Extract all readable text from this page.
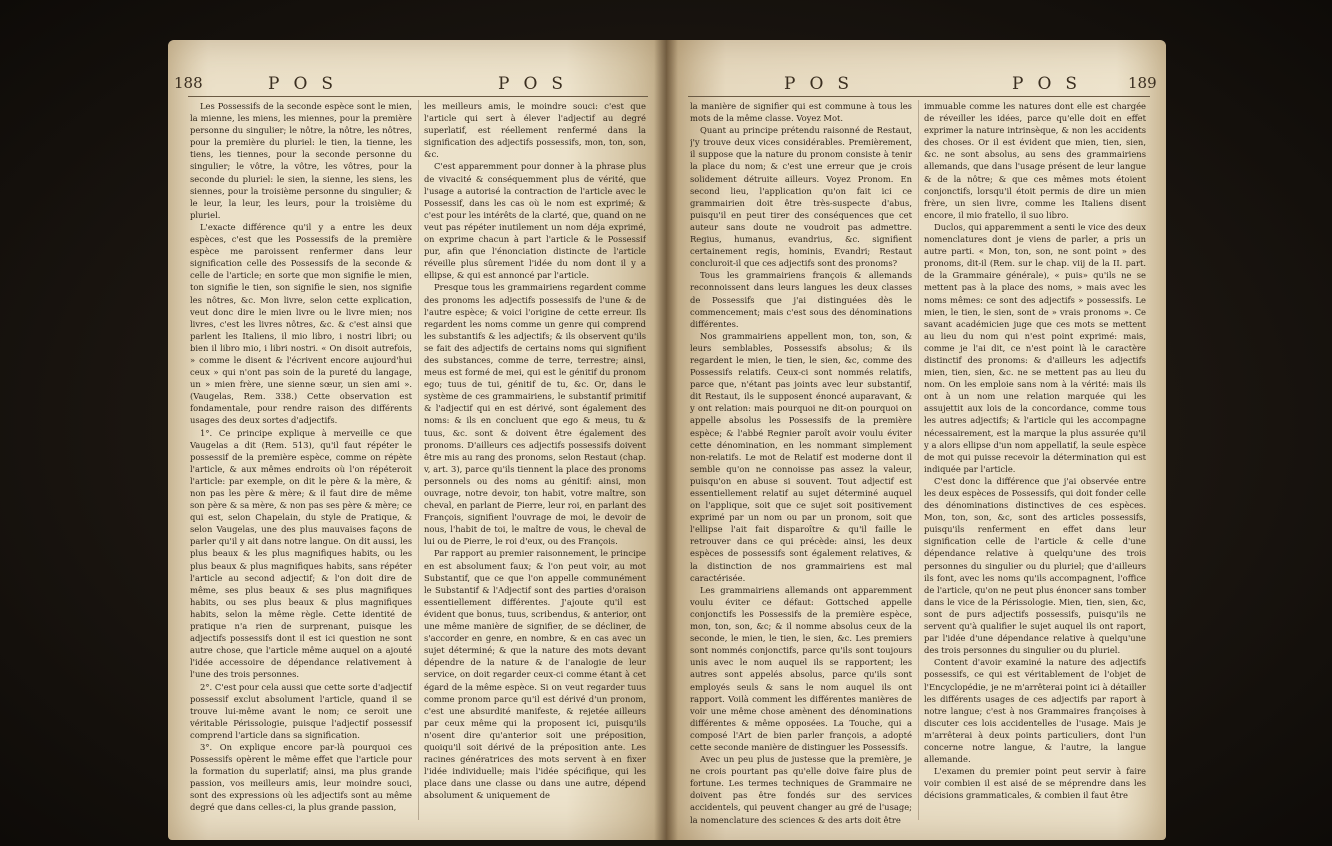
188	POS	POS

Les Possessifs de la seconde espèce sont le mien, la mienne, les miens, les miennes, pour la première personne du singulier; le nôtre, la nôtre, les nôtres, pour la première du pluriel: le tien, la tienne, les tiens, les tiennes, pour la seconde personne du singulier; le vôtre, la vôtre, les vôtres, pour la seconde du pluriel: le sien, la sienne, les siens, les siennes, pour la troisième personne du singulier; & le leur, la leur, les leurs, pour la troisième du pluriel.

L'exacte différence qu'il y a entre les deux espèces, c'est que les Possessifs de la première espèce me paroissent renfermer dans leur signification celle des Possessifs de la seconde & celle de l'article; en sorte que mon signifie le mien, ton signifie le tien, son signifie le sien, nos signifie les nôtres, &c. Mon livre, selon cette explication, veut donc dire le mien livre ou le livre mien; nos livres, c'est les livres nôtres, &c. & c'est ainsi que parlent les Italiens, il mio libro, i nostri libri; ou bien il libro mio, i libri nostri. « On disoit autrefois, » comme le disent & l'écrivent encore aujourd'hui ceux » qui n'ont pas soin de la pureté du langage, un » mien frère, une sienne sœur, un sien ami ». (Vaugelas, Rem. 338.) Cette observation est fondamentale, pour rendre raison des différents usages des deux sortes d'adjectifs.

1°. Ce principe explique à merveille ce que Vaugelas a dit (Rem. 513), qu'il faut répéter le possessif de la première espèce, comme on répète l'article, & aux mêmes endroits où l'on répéteroit l'article: par exemple, on dit le père & la mère, & non pas les père & mère; & il faut dire de même son père & sa mère, & non pas ses père & mère; ce qui est, selon Chapelain, du style de Pratique, & selon Vaugelas, une des plus mauvaises façons de parler qu'il y ait dans notre langue. On dit aussi, les plus beaux & les plus magnifiques habits, ou les plus beaux & plus magnifiques habits, sans répéter l'article au second adjectif; & l'on doit dire de même, ses plus beaux & ses plus magnifiques habits, ou ses plus beaux & plus magnifiques habits, selon la même règle. Cette identité de pratique n'a rien de surprenant, puisque les adjectifs possessifs dont il est ici question ne sont autre chose, que l'article même auquel on a ajouté l'idée accessoire de dépendance relativement à l'une des trois personnes.

2°. C'est pour cela aussi que cette sorte d'adjectif possessif exclut absolument l'article, quand il se trouve lui-même avant le nom; ce seroit une véritable Périssologie, puisque l'adjectif possessif comprend l'article dans sa signification.

3°. On explique encore par-là pourquoi ces Possessifs opèrent le même effet que l'article pour la formation du superlatif; ainsi, ma plus grande passion, vos meilleurs amis, leur moindre souci, sont des expressions où les adjectifs sont au même degré que dans celles-ci, la plus grande passion,

les meilleurs amis, le moindre souci: c'est que l'article qui sert à élever l'adjectif au degré superlatif, est réellement renfermé dans la signification des adjectifs possessifs, mon, ton, son, &c.

C'est apparemment pour donner à la phrase plus de vivacité & conséquemment plus de vérité, que l'usage a autorisé la contraction de l'article avec le Possessif, dans les cas où le nom est exprimé; & c'est pour les intérêts de la clarté, que, quand on ne veut pas répéter inutilement un nom déja exprimé, on exprime chacun à part l'article & le Possessif pur, afin que l'énonciation distincte de l'article réveille plus sûrement l'idée du nom dont il y a ellipse, & qui est annoncé par l'article.

Presque tous les grammairiens regardent comme des pronoms les adjectifs possessifs de l'une & de l'autre espèce; & voici l'origine de cette erreur. Ils regardent les noms comme un genre qui comprend les substantifs & les adjectifs; & ils observent qu'ils se fait des adjectifs de certains noms qui signifient des substances, comme de terre, terrestre; ainsi, meus est formé de mei, qui est le génitif du pronom ego; tuus de tui, génitif de tu, &c. Or, dans le système de ces grammairiens, le substantif primitif & l'adjectif qui en est dérivé, sont également des noms: & ils en concluent que ego & meus, tu & tuus, &c. sont & doivent être également des pronoms. D'ailleurs ces adjectifs possessifs doivent être mis au rang des pronoms, selon Restaut (chap. v, art. 3), parce qu'ils tiennent la place des pronoms personnels ou des noms au génitif: ainsi, mon ouvrage, notre devoir, ton habit, votre maître, son cheval, en parlant de Pierre, leur roi, en parlant des François, signifient l'ouvrage de moi, le devoir de nous, l'habit de toi, le maître de vous, le cheval de lui ou de Pierre, le roi d'eux, ou des François.

Par rapport au premier raisonnement, le principe en est absolument faux; & l'on peut voir, au mot Substantif, que ce que l'on appelle communément le Substantif & l'Adjectif sont des parties d'oraison essentiellement différentes. J'ajoute qu'il est évident que bonus, tuus, scribendus, & anterior, ont une même manière de signifier, de se décliner, de s'accorder en genre, en nombre, & en cas avec un sujet déterminé; & que la nature des mots devant dépendre de la nature & de l'analogie de leur service, on doit regarder ceux-ci comme étant à cet égard de la même espèce. Si on veut regarder tuus comme pronom parce qu'il est dérivé d'un pronom, c'est une absurdité manifeste, & rejetée ailleurs par ceux même qui la proposent ici, puisqu'ils n'osent dire qu'anterior soit une préposition, quoiqu'il soit dérivé de la préposition ante. Les racines génératrices des mots servent à en fixer l'idée individuelle; mais l'idée spécifique, qui les place dans une classe ou dans une autre, dépend absolument & uniquement de

POS	POS 189

la manière de signifier qui est commune à tous les mots de la même classe. Voyez Mot.

Quant au principe prétendu raisonné de Restaut, j'y trouve deux vices considérables. Premièrement, il suppose que la nature du pronom consiste à tenir la place du nom; & c'est une erreur que je crois solidement détruite ailleurs. Voyez Pronom. En second lieu, l'application qu'on fait ici ce grammairien doit être très-suspecte d'abus, puisqu'il en peut tirer des conséquences que cet auteur sans doute ne voudroit pas admettre. Regius, humanus, evandrius, &c. signifient certainement regis, hominis, Evandri; Restaut concluroit-il que ces adjectifs sont des pronoms?

Tous les grammairiens françois & allemands reconnoissent dans leurs langues les deux classes de Possessifs que j'ai distinguées dès le commencement; mais c'est sous des dénominations différentes.

Nos grammairiens appellent mon, ton, son, & leurs semblables, Possessifs absolus; & ils regardent le mien, le tien, le sien, &c, comme des Possessifs relatifs. Ceux-ci sont nommés relatifs, parce que, n'étant pas joints avec leur substantif, dit Restaut, ils le supposent énoncé auparavant, & y ont relation: mais pourquoi ne dit-on pourquoi on appelle absolus les Possessifs de la première espèce; & l'abbé Regnier paroît avoir voulu éviter cette dénomination, en les nommant simplement non-relatifs. Le mot de Relatif est moderne dont il semble qu'on ne connoisse pas assez la valeur, puisqu'on en abuse si souvent. Tout adjectif est essentiellement relatif au sujet déterminé auquel on l'applique, soit que ce sujet soit positivement exprimé par un nom ou par un pronom, soit que l'ellipse l'ait fait disparoître & qu'il faille le retrouver dans ce qui précède: ainsi, les deux espèces de possessifs sont également relatives, & la distinction de nos grammairiens est mal caractérisée.

Les grammairiens allemands ont apparemment voulu éviter ce défaut: Gottsched appelle conjonctifs les Possessifs de la première espèce, mon, ton, son, &c; & il nomme absolus ceux de la seconde, le mien, le tien, le sien, &c. Les premiers sont nommés conjonctifs, parce qu'ils sont toujours unis avec le nom auquel ils se rapportent; les autres sont appelés absolus, parce qu'ils sont employés seuls & sans le nom auquel ils ont rapport. Voilà comment les différentes manières de voir une même chose amènent des dénominations différentes & même opposées. La Touche, qui a composé l'Art de bien parler françois, a adopté cette seconde manière de distinguer les Possessifs.

Avec un peu plus de justesse que la première, je ne crois pourtant pas qu'elle doive faire plus de fortune. Les termes techniques de Grammaire ne doivent pas être fondés sur des services accidentels, qui peuvent changer au gré de l'usage; la nomenclature des sciences & des arts doit être

immuable comme les natures dont elle est chargée de réveiller les idées, parce qu'elle doit en effet exprimer la nature intrinsèque, & non les accidents des choses. Or il est évident que mien, tien, sien, &c. ne sont absolus, au sens des grammairiens allemands, que dans l'usage présent de leur langue & de la nôtre; & que ces mêmes mots étoient conjonctifs, lorsqu'il étoit permis de dire un mien frère, un sien livre, comme les Italiens disent encore, il mio fratello, il suo libro.

Duclos, qui apparemment a senti le vice des deux nomenclatures dont je viens de parler, a pris un autre parti. « Mon, ton, son, ne sont point » des pronoms, dit-il (Rem. sur le chap. viij de la II. part. de la Grammaire générale), « puis» qu'ils ne se mettent pas à la place des noms, » mais avec les noms mêmes: ce sont des adjectifs » possessifs. Le mien, le tien, le sien, sont de » vrais pronoms ». Ce savant académicien juge que ces mots se mettent au lieu du nom qui n'est point exprimé: mais, comme je l'ai dit, ce n'est point là le caractère distinctif des pronoms: & d'ailleurs les adjectifs mien, tien, sien, &c. ne se mettent pas au lieu du nom. On les emploie sans nom à la vérité: mais ils ont à un nom une relation marquée qui les assujettit aux lois de la concordance, comme tous les autres adjectifs; & l'article qui les accompagne nécessairement, est la marque la plus assurée qu'il y a alors ellipse d'un nom appellatif, la seule espèce de mot qui puisse recevoir la détermination qui est indiquée par l'article.

C'est donc la différence que j'ai observée entre les deux espèces de Possessifs, qui doit fonder celle des dénominations distinctives de ces espèces. Mon, ton, son, &c, sont des articles possessifs, puisqu'ils renferment en effet dans leur signification celle de l'article & celle d'une dépendance relative à quelqu'une des trois personnes du singulier ou du pluriel; que d'ailleurs ils font, avec les noms qu'ils accompagnent, l'office de l'article, qu'on ne peut plus énoncer sans tomber dans le vice de la Périssologie. Mien, tien, sien, &c, sont de purs adjectifs possessifs, puisqu'ils ne servent qu'à qualifier le sujet auquel ils ont raport, par l'idée d'une dépendance relative à quelqu'une des trois personnes du singulier ou du pluriel.

Content d'avoir examiné la nature des adjectifs possessifs, ce qui est véritablement de l'objet de l'Encyclopédie, je ne m'arrêterai point ici à détailler les différents usages de ces adjectifs par raport à notre langue; c'est à nos Grammaires françoises à discuter ces lois accidentelles de l'usage. Mais je m'arrêterai à deux points particuliers, dont l'un concerne notre langue, & l'autre, la langue allemande.

L'examen du premier point peut servir à faire voir combien il est aisé de se méprendre dans les décisions grammaticales, & combien il faut être
